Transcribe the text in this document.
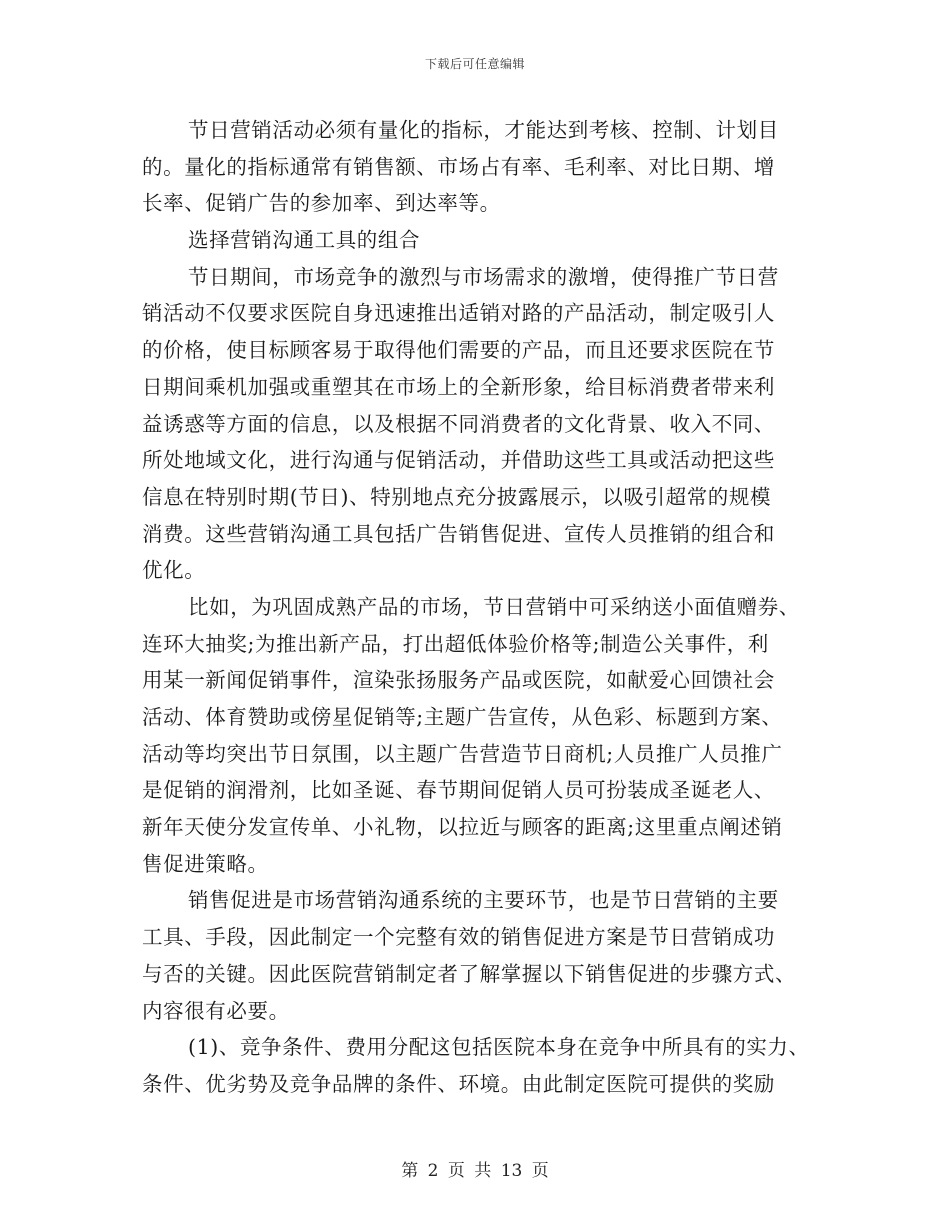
下载后可任意编辑
节日营销活动必须有量化的指标，才能达到考核、控制、计划目
的。量化的指标通常有销售额、市场占有率、毛利率、对比日期、增
长率、促销广告的参加率、到达率等。
选择营销沟通工具的组合
节日期间，市场竞争的激烈与市场需求的激增，使得推广节日营
销活动不仅要求医院自身迅速推出适销对路的产品活动，制定吸引人
的价格，使目标顾客易于取得他们需要的产品，而且还要求医院在节
日期间乘机加强或重塑其在市场上的全新形象，给目标消费者带来利
益诱惑等方面的信息，以及根据不同消费者的文化背景、收入不同、
所处地域文化，进行沟通与促销活动，并借助这些工具或活动把这些
信息在特别时期(节日)、特别地点充分披露展示，以吸引超常的规模
消费。这些营销沟通工具包括广告销售促进、宣传人员推销的组合和
优化。
比如，为巩固成熟产品的市场，节日营销中可采纳送小面值赠券、
连环大抽奖;为推出新产品，打出超低体验价格等;制造公关事件，利
用某一新闻促销事件，渲染张扬服务产品或医院，如献爱心回馈社会
活动、体育赞助或傍星促销等;主题广告宣传，从色彩、标题到方案、
活动等均突出节日氛围，以主题广告营造节日商机;人员推广人员推广
是促销的润滑剂，比如圣诞、春节期间促销人员可扮装成圣诞老人、
新年天使分发宣传单、小礼物，以拉近与顾客的距离;这里重点阐述销
售促进策略。
销售促进是市场营销沟通系统的主要环节，也是节日营销的主要
工具、手段，因此制定一个完整有效的销售促进方案是节日营销成功
与否的关键。因此医院营销制定者了解掌握以下销售促进的步骤方式、
内容很有必要。
(1)、竞争条件、费用分配这包括医院本身在竞争中所具有的实力、
条件、优劣势及竞争品牌的条件、环境。由此制定医院可提供的奖励
第 2 页 共 13 页
